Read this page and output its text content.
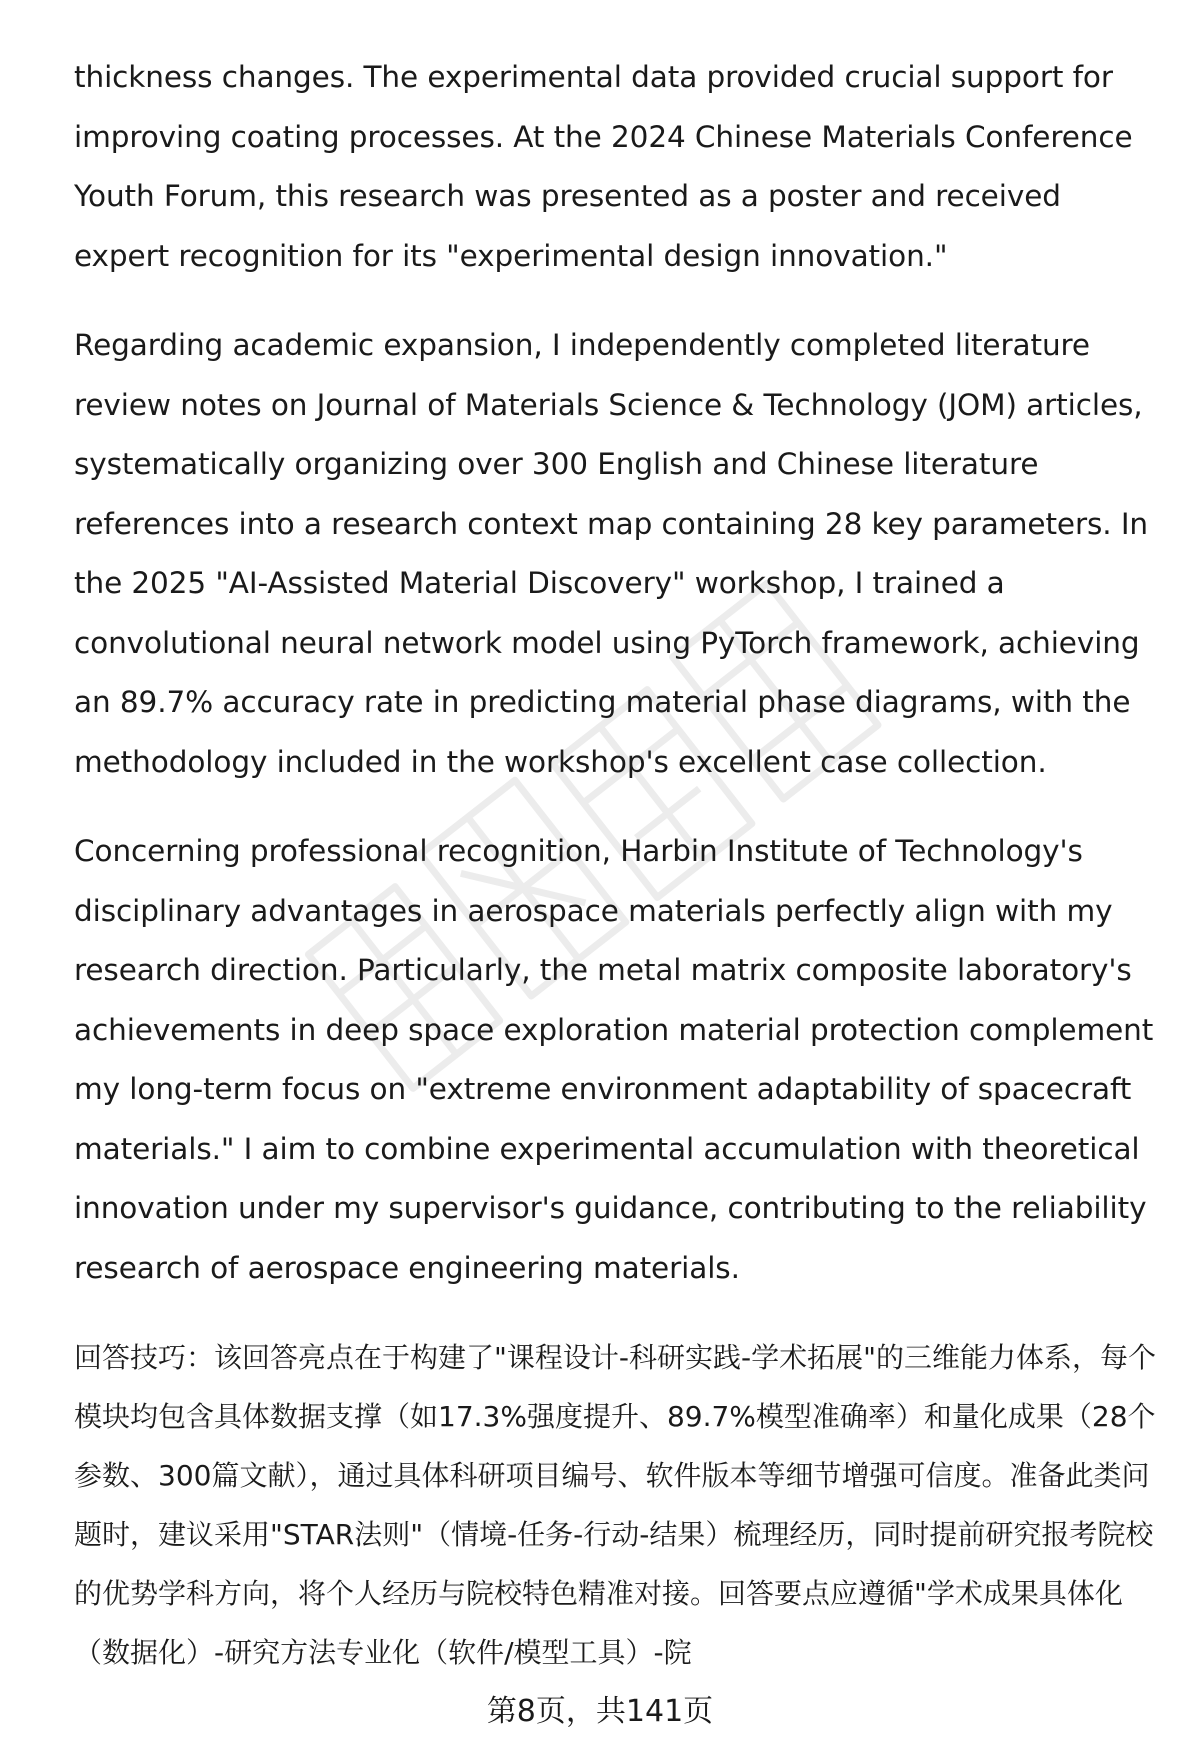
thickness changes. The experimental data provided crucial support for improving coating processes. At the 2024 Chinese Materials Conference Youth Forum, this research was presented as a poster and received expert recognition for its "experimental design innovation."

Regarding academic expansion, I independently completed literature review notes on Journal of Materials Science & Technology (JOM) articles, systematically organizing over 300 English and Chinese literature references into a research context map containing 28 key parameters. In the 2025 "AI-Assisted Material Discovery" workshop, I trained a convolutional neural network model using PyTorch framework, achieving an 89.7% accuracy rate in predicting material phase diagrams, with the methodology included in the workshop's excellent case collection.

Concerning professional recognition, Harbin Institute of Technology's disciplinary advantages in aerospace materials perfectly align with my research direction. Particularly, the metal matrix composite laboratory's achievements in deep space exploration material protection complement my long-term focus on "extreme environment adaptability of spacecraft materials." I aim to combine experimental accumulation with theoretical innovation under my supervisor's guidance, contributing to the reliability research of aerospace engineering materials.

回答技巧：该回答亮点在于构建了"课程设计-科研实践-学术拓展"的三维能力体系，每个模块均包含具体数据支撑（如17.3%强度提升、89.7%模型准确率）和量化成果（28个参数、300篇文献），通过具体科研项目编号、软件版本等细节增强可信度。准备此类问题时，建议采用"STAR法则"（情境-任务-行动-结果）梳理经历，同时提前研究报考院校的优势学科方向，将个人经历与院校特色精准对接。回答要点应遵循"学术成果具体化（数据化）-研究方法专业化（软件/模型工具）-院

第8页，共141页
